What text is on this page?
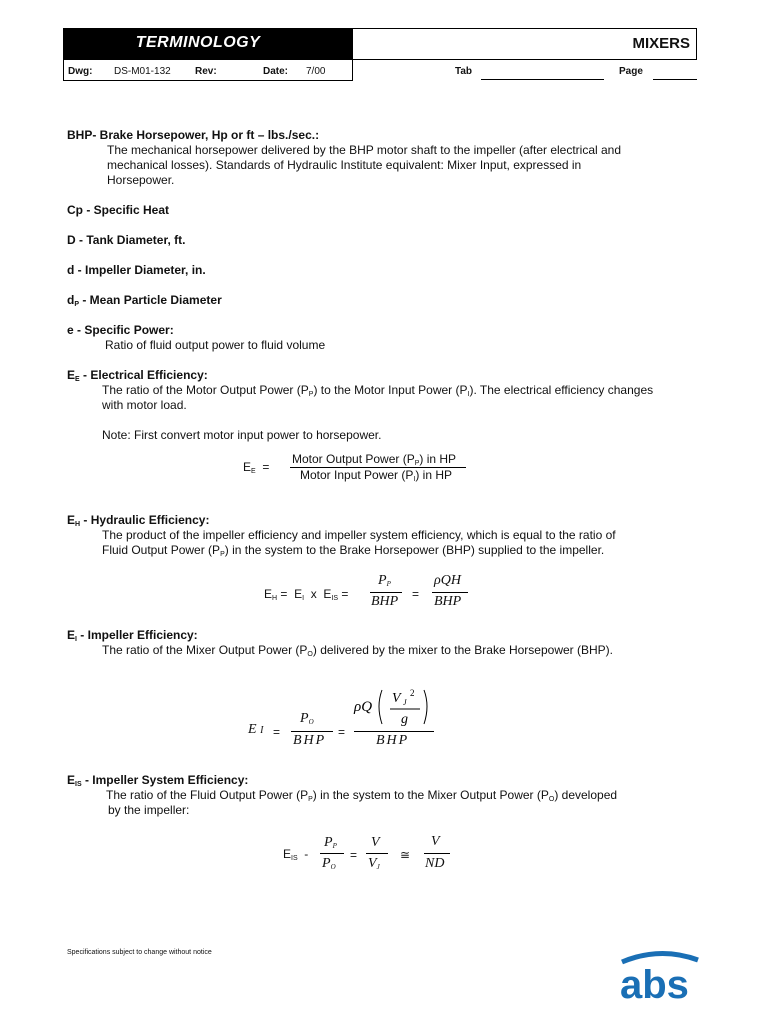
TERMINOLOGY	MIXERS
Dwg: DS-M01-132 Rev:	Date: 7/00	Tab	Page
BHP- Brake Horsepower, Hp or ft – lbs./sec.:
The mechanical horsepower delivered by the BHP motor shaft to the impeller (after electrical and
mechanical losses). Standards of Hydraulic Institute equivalent: Mixer Input, expressed in
Horsepower.
Cp - Specific Heat
D - Tank Diameter, ft.
d - Impeller Diameter, in.
$d_P$ - Mean Particle Diameter
e - Specific Power:
Ratio of fluid output power to fluid volume
$E_E$ - Electrical Efficiency:
The ratio of the Motor Output Power $(P_P)$ to the Motor Input Power $(P_I)$. The electrical efficiency changes
with motor load.
Note: First convert motor input power to horsepower.
$E_E$  =
Motor Output Power $(P_P)$ in HP
Motor Input Power $(P_I)$ in HP
$E_H$ - Hydraulic Efficiency:
The product of the impeller efficiency and impeller system efficiency, which is equal to the ratio of
Fluid Output Power $(P_P)$ in the system to the Brake Horsepower (BHP) supplied to the impeller.
$E_H = E_I$  x  $E_{IS}$ =
$P_P$
BHP =
ρQH
BHP
$E_I$ - Impeller Efficiency:
The ratio of the Mixer Output Power $(P_O)$ delivered by the mixer to the Brake Horsepower (BHP).
E I =
$P_O$
BHP
=
ρQ
V J
2
g
BHP
$E_{IS}$ - Impeller System Efficiency:
The ratio of the Fluid Output Power $(P_P)$ in the system to the Mixer Output Power $(P_O)$ developed
by the impeller:
$E_{IS}$  -
$P_P$
$P_O$
=
V
$V_J$
≅
V
ND
Specifications subject to change without notice
abs
